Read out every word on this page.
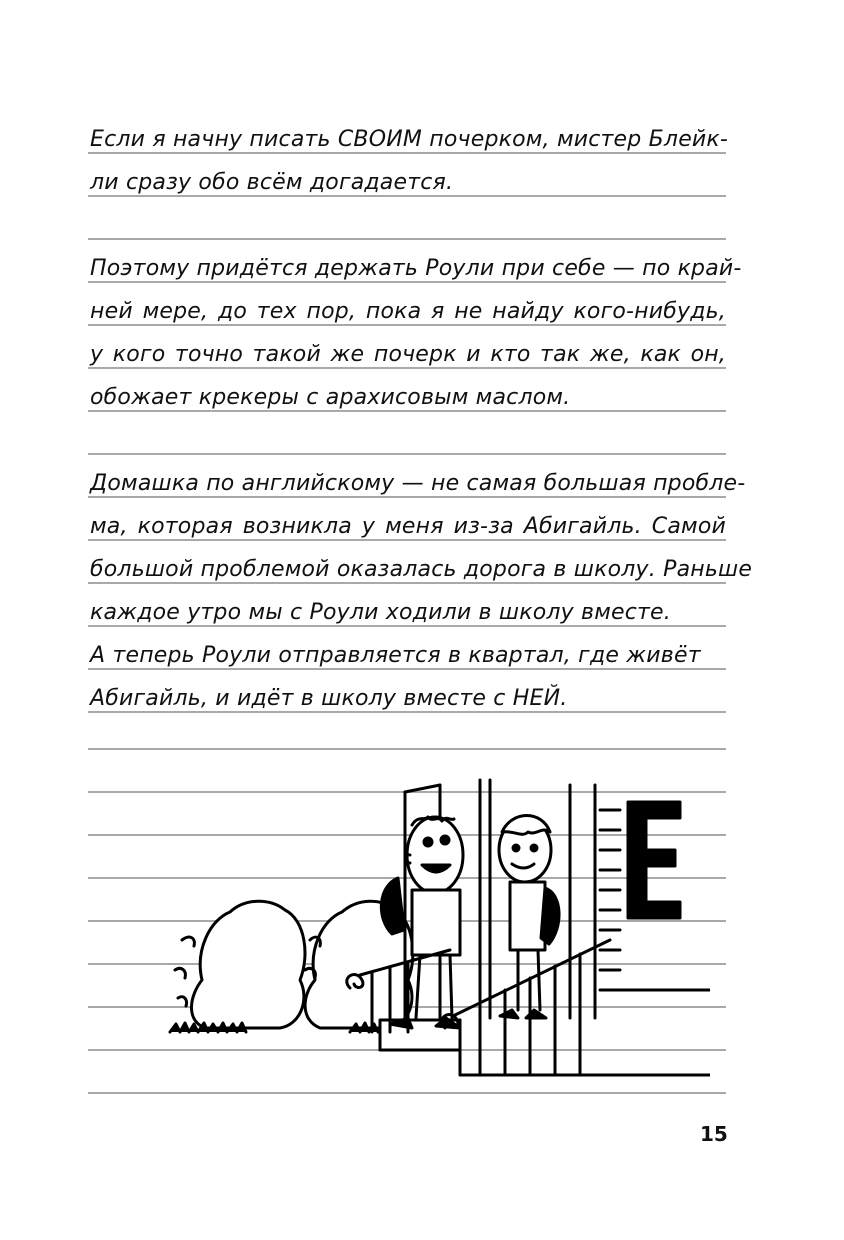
Если я начну писать СВОИМ почерком, мистер Блейк-
ли сразу обо всём догадается.
Поэтому придётся держать Роули при себе — по край-
ней мере, до тех пор, пока я не найду кого-нибудь,
у кого точно такой же почерк и кто так же, как он,
обожает крекеры с арахисовым маслом.
Домашка по английскому — не самая большая пробле-
ма, которая возникла у меня из-за Абигайль. Самой
большой проблемой оказалась дорога в школу. Раньше
каждое утро мы с Роули ходили в школу вместе.
А теперь Роули отправляется в квартал, где живёт
Абигайль, и идёт в школу вместе с НЕЙ.
15
